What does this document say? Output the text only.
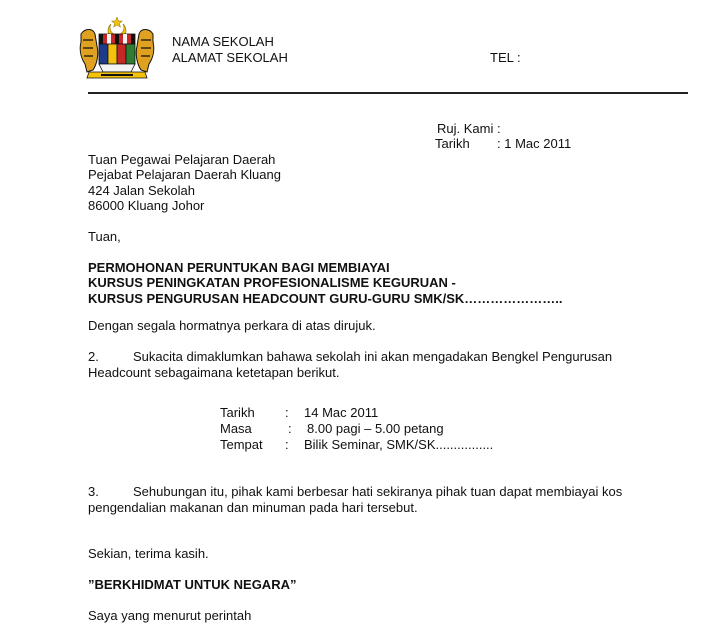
NAMA SEKOLAH
ALAMAT SEKOLAH	TEL :
Ruj. Kami :
Tarikh : 1 Mac 2011
Tuan Pegawai Pelajaran Daerah
Pejabat Pelajaran Daerah Kluang
424 Jalan Sekolah
86000 Kluang Johor
Tuan,
PERMOHONAN PERUNTUKAN BAGI MEMBIAYAI
KURSUS PENINGKATAN PROFESIONALISME KEGURUAN -
KURSUS PENGURUSAN HEADCOUNT GURU-GURU SMK/SK…………………..
Dengan segala hormatnya perkara di atas dirujuk.
2.	Sukacita dimaklumkan bahawa sekolah ini akan mengadakan Bengkel Pengurusan
Headcount sebagaimana ketetapan berikut.
Tarikh : 14 Mac 2011
Masa	: 8.00 pagi – 5.00 petang
Tempat : Bilik Seminar, SMK/SK................
3.	Sehubungan itu, pihak kami berbesar hati sekiranya pihak tuan dapat membiayai kos
pengendalian makanan dan minuman pada hari tersebut.
Sekian, terima kasih.
”BERKHIDMAT UNTUK NEGARA”
Saya yang menurut perintah
